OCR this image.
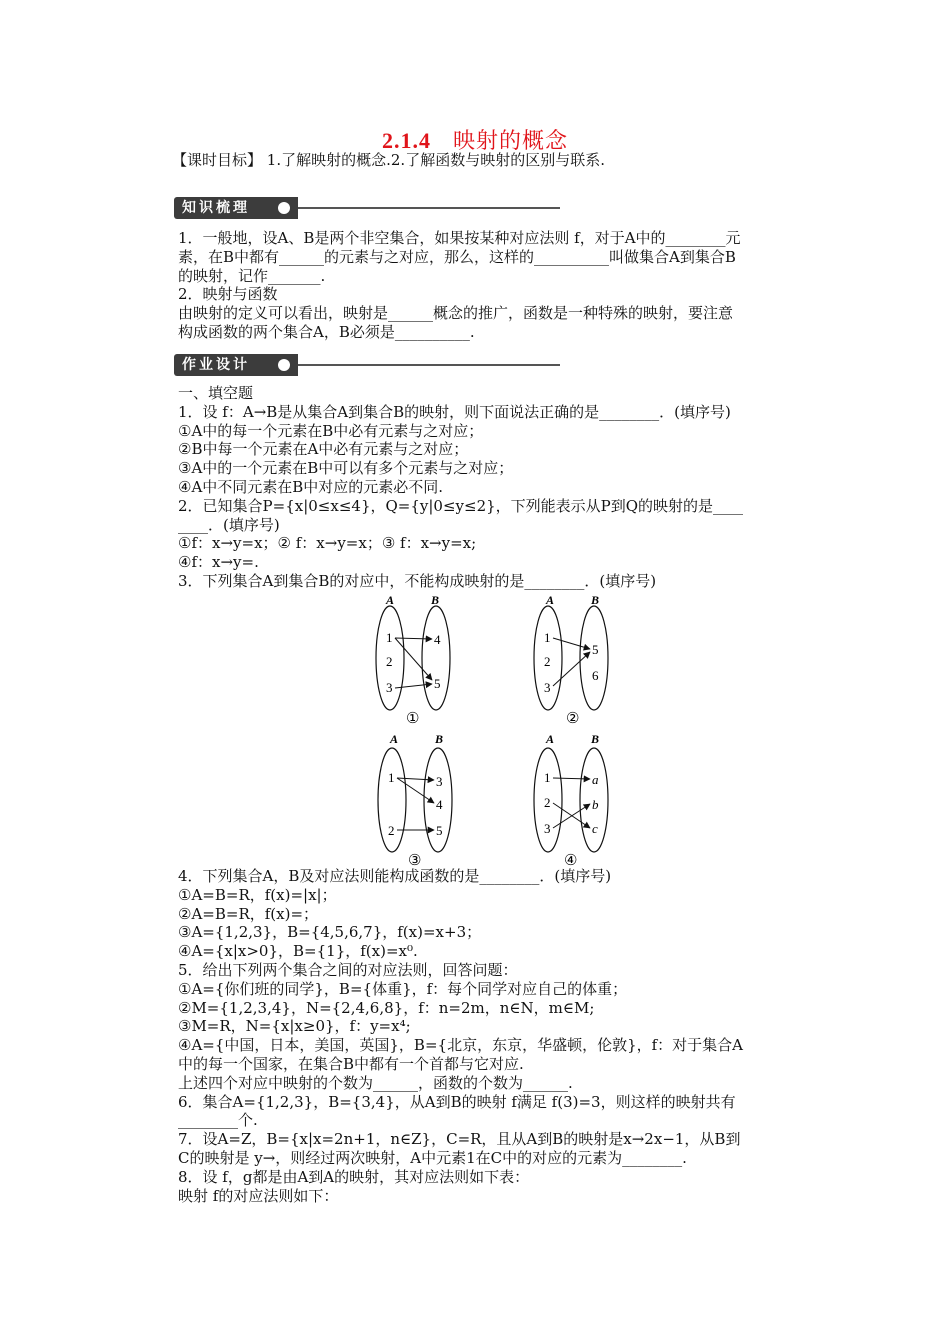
2.1.4 映射的概念
【课时目标】 1.了解映射的概念.2.了解函数与映射的区别与联系.
知识梳理

1．一般地，设A、B是两个非空集合，如果按某种对应法则 f，对于A中的________元

素，在B中都有______的元素与之对应，那么，这样的__________叫做集合A到集合B

的映射，记作_______.

2．映射与函数

由映射的定义可以看出，映射是______概念的推广，函数是一种特殊的映射，要注意

构成函数的两个集合A，B必须是__________.

作业设计

一、填空题

1．设 f：A→B是从集合A到集合B的映射，则下面说法正确的是________．(填序号)

①A中的每一个元素在B中必有元素与之对应；

②B中每一个元素在A中必有元素与之对应；

③A中的一个元素在B中可以有多个元素与之对应；

④A中不同元素在B中对应的元素必不同.

2．已知集合P={x|0≤x≤4}，Q={y|0≤y≤2}，下列能表示从P到Q的映射的是____

____．(填序号)

①f：x→y=x；② f：x→y=x；③ f：x→y=x;

④f：x→y=.

3．下列集合A到集合B的对应中，不能构成映射的是________．(填序号)

A	B
1
2
3
4
5
①
A	B
1
2
3
5
6
②
A	B
1
2
3
4
5
③
A	B
1
2
3
a
b
c
④

4．下列集合A，B及对应法则能构成函数的是________．(填序号)

①A=B=R，f(x)=|x|；

②A=B=R，f(x)=；

③A={1,2,3}，B={4,5,6,7}，f(x)=x+3；

④A={x|x>0}，B={1}，f(x)=x⁰.

5．给出下列两个集合之间的对应法则，回答问题：

①A={你们班的同学}，B={体重}，f：每个同学对应自己的体重；

②M={1,2,3,4}，N={2,4,6,8}，f：n=2m，n∈N，m∈M;

③M=R，N={x|x≥0}，f：y=x⁴;

④A={中国，日本，美国，英国}，B={北京，东京，华盛顿，伦敦}，f：对于集合A

中的每一个国家，在集合B中都有一个首都与它对应.

上述四个对应中映射的个数为______，函数的个数为______.

6．集合A={1,2,3}，B={3,4}，从A到B的映射 f满足 f(3)=3，则这样的映射共有

________个.

7．设A=Z，B={x|x=2n+1，n∈Z}，C=R，且从A到B的映射是x→2x−1，从B到

C的映射是 y→，则经过两次映射，A中元素1在C中的对应的元素为________.

8．设 f，g都是由A到A的映射，其对应法则如下表：

映射 f的对应法则如下：
